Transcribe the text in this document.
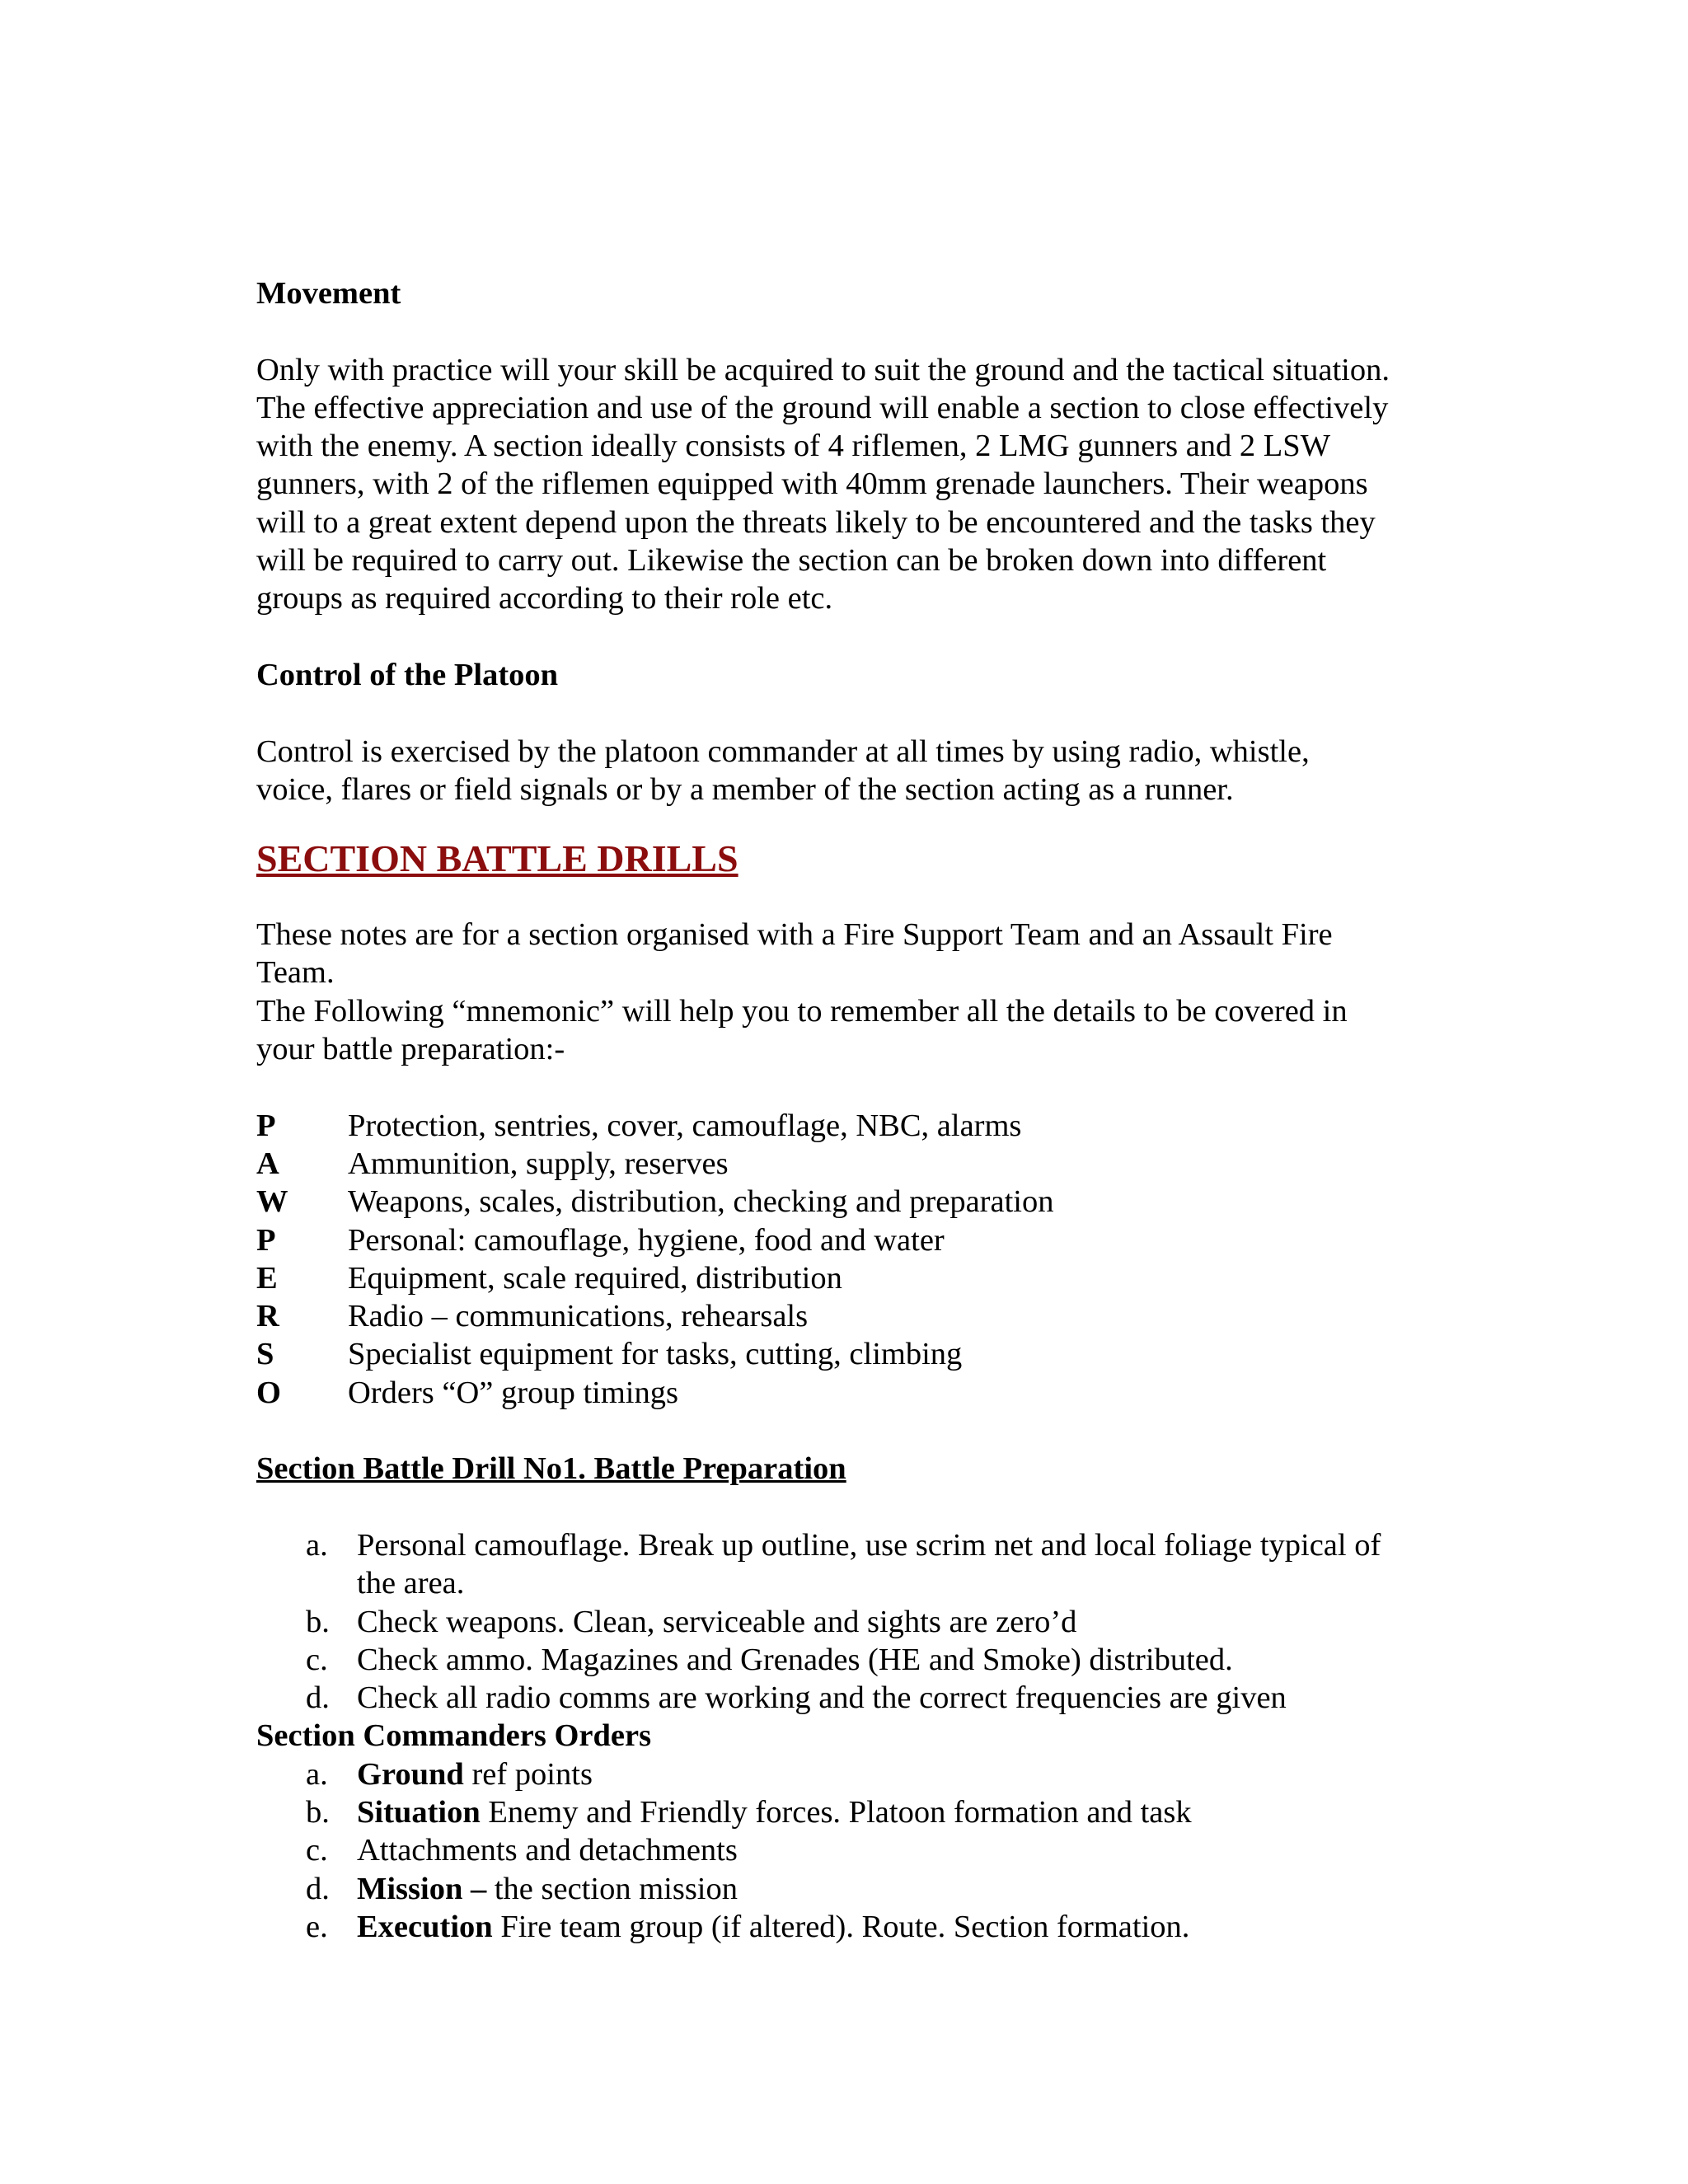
Movement

Only with practice will your skill be acquired to suit the ground and the tactical situation.
The effective appreciation and use of the ground will enable a section to close effectively
with the enemy. A section ideally consists of 4 riflemen, 2 LMG gunners and 2 LSW
gunners, with 2 of the riflemen equipped with 40mm grenade launchers. Their weapons
will to a great extent depend upon the threats likely to be encountered and the tasks they
will be required to carry out. Likewise the section can be broken down into different
groups as required according to their role etc.

Control of the Platoon

Control is exercised by the platoon commander at all times by using radio, whistle,
voice, flares or field signals or by a member of the section acting as a runner.

SECTION BATTLE DRILLS

These notes are for a section organised with a Fire Support Team and an Assault Fire
Team.
The Following “mnemonic” will help you to remember all the details to be covered in
your battle preparation:-

P	Protection, sentries, cover, camouflage, NBC, alarms
A	Ammunition, supply, reserves
W	Weapons, scales, distribution, checking and preparation
P	Personal: camouflage, hygiene, food and water
E	Equipment, scale required, distribution
R	Radio – communications, rehearsals
S	Specialist equipment for tasks, cutting, climbing
O	Orders “O” group timings

Section Battle Drill No1. Battle Preparation

a. Personal camouflage. Break up outline, use scrim net and local foliage typical of
the area.
b. Check weapons. Clean, serviceable and sights are zero’d
c. Check ammo. Magazines and Grenades (HE and Smoke) distributed.
d. Check all radio comms are working and the correct frequencies are given

Section Commanders Orders

a. Ground ref points
b. Situation Enemy and Friendly forces. Platoon formation and task
c. Attachments and detachments
d. Mission – the section mission
e. Execution Fire team group (if altered). Route. Section formation.
